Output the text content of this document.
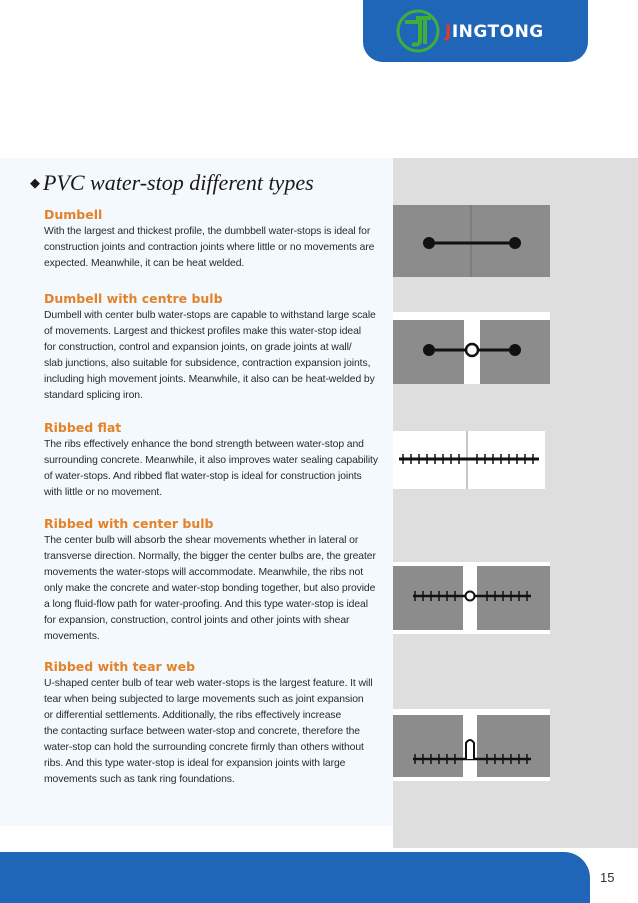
JINGTONG
◆ PVC water-stop different types
Dumbell

With the largest and thickest profile, the dumbbell water-stops is ideal for
construction joints and contraction joints where little or no movements are
expected. Meanwhile, it can be heat welded.

Dumbell with centre bulb

Dumbell with center bulb water-stops are capable to withstand large scale
of movements. Largest and thickest profiles make this water-stop ideal
for construction, control and expansion joints, on grade joints at wall/
slab junctions, also suitable for subsidence, contraction expansion joints,
including high movement joints. Meanwhile, it also can be heat-welded by
standard splicing iron.

Ribbed flat

The ribs effectively enhance the bond strength between water-stop and
surrounding concrete. Meanwhile, it also improves water sealing capability
of water-stops. And ribbed flat water-stop is ideal for construction joints
with little or no movement.

Ribbed with center bulb

The center bulb will absorb the shear movements whether in lateral or
transverse direction. Normally, the bigger the center bulbs are, the greater
movements the water-stops will accommodate. Meanwhile, the ribs not
only make the concrete and water-stop bonding together, but also provide
a long fluid-flow path for water-proofing. And this type water-stop is ideal
for expansion, construction, control joints and other joints with shear
movements.

Ribbed with tear web

U-shaped center bulb of tear web water-stops is the largest feature. It will
tear when being subjected to large movements such as joint expansion
or differential settlements. Additionally, the ribs effectively increase
the contacting surface between water-stop and concrete, therefore the
water-stop can hold the surrounding concrete firmly than others without
ribs. And this type water-stop is ideal for expansion joints with large
movements such as tank ring foundations.

15
